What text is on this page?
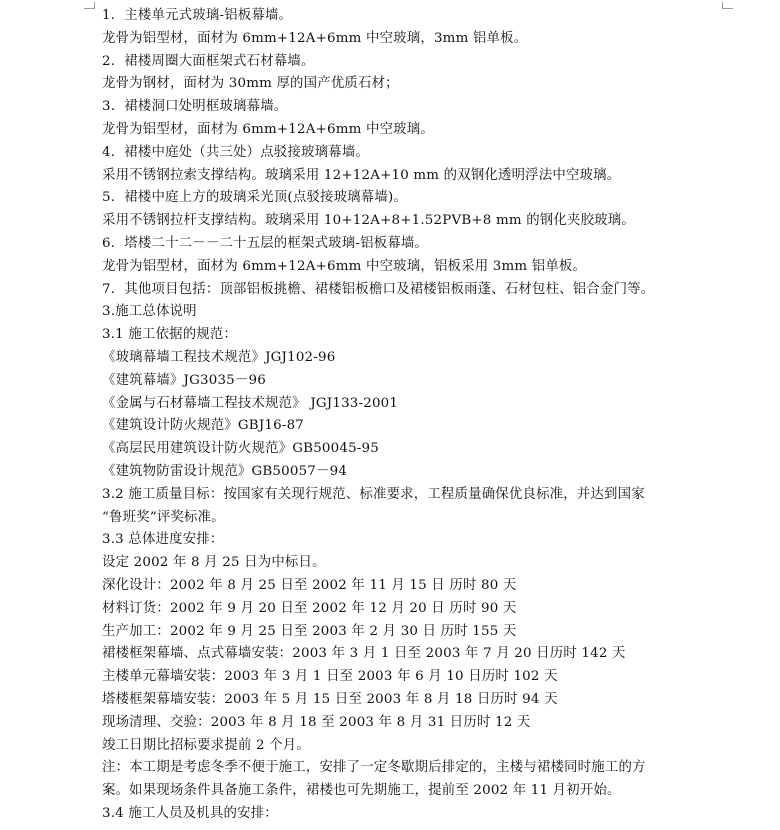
1．主楼单元式玻璃-铝板幕墙。
龙骨为铝型材，面材为 6mm+12A+6mm 中空玻璃，3mm 铝单板。
2．裙楼周圈大面框架式石材幕墙。
龙骨为钢材，面材为 30mm 厚的国产优质石材；
3．裙楼洞口处明框玻璃幕墙。
龙骨为铝型材，面材为 6mm+12A+6mm 中空玻璃。
4．裙楼中庭处（共三处）点驳接玻璃幕墙。
采用不锈钢拉索支撑结构。玻璃采用 12+12A+10 mm 的双钢化透明浮法中空玻璃。
5．裙楼中庭上方的玻璃采光顶(点驳接玻璃幕墙)。
采用不锈钢拉杆支撑结构。玻璃采用 10+12A+8+1.52PVB+8 mm 的钢化夹胶玻璃。
6．塔楼二十二－－二十五层的框架式玻璃-铝板幕墙。
龙骨为铝型材，面材为 6mm+12A+6mm 中空玻璃，铝板采用 3mm 铝单板。
7．其他项目包括：顶部铝板挑檐、裙楼铝板檐口及裙楼铝板雨蓬、石材包柱、铝合金门等。
3.施工总体说明
3.1 施工依据的规范：
《玻璃幕墙工程技术规范》JGJ102-96
《建筑幕墙》JG3035－96
《金属与石材幕墙工程技术规范》 JGJ133-2001
《建筑设计防火规范》GBJ16-87
《高层民用建筑设计防火规范》GB50045-95
《建筑物防雷设计规范》GB50057－94
3.2 施工质量目标：按国家有关现行规范、标准要求，工程质量确保优良标准，并达到国家
“鲁班奖”评奖标准。
3.3 总体进度安排：
设定 2002 年 8 月 25 日为中标日。
深化设计：2002 年 8 月 25 日至 2002 年 11 月 15 日 历时 80 天
材料订货：2002 年 9 月 20 日至 2002 年 12 月 20 日 历时 90 天
生产加工：2002 年 9 月 25 日至 2003 年 2 月 30 日 历时 155 天
裙楼框架幕墙、点式幕墙安装：2003 年 3 月 1 日至 2003 年 7 月 20 日历时 142 天
主楼单元幕墙安装：2003 年 3 月 1 日至 2003 年 6 月 10 日历时 102 天
塔楼框架幕墙安装：2003 年 5 月 15 日至 2003 年 8 月 18 日历时 94 天
现场清理、交验：2003 年 8 月 18 至 2003 年 8 月 31 日历时 12 天
竣工日期比招标要求提前 2 个月。
注：本工期是考虑冬季不便于施工，安排了一定冬歇期后排定的，主楼与裙楼同时施工的方
案。如果现场条件具备施工条件，裙楼也可先期施工，提前至 2002 年 11 月初开始。
3.4 施工人员及机具的安排：
